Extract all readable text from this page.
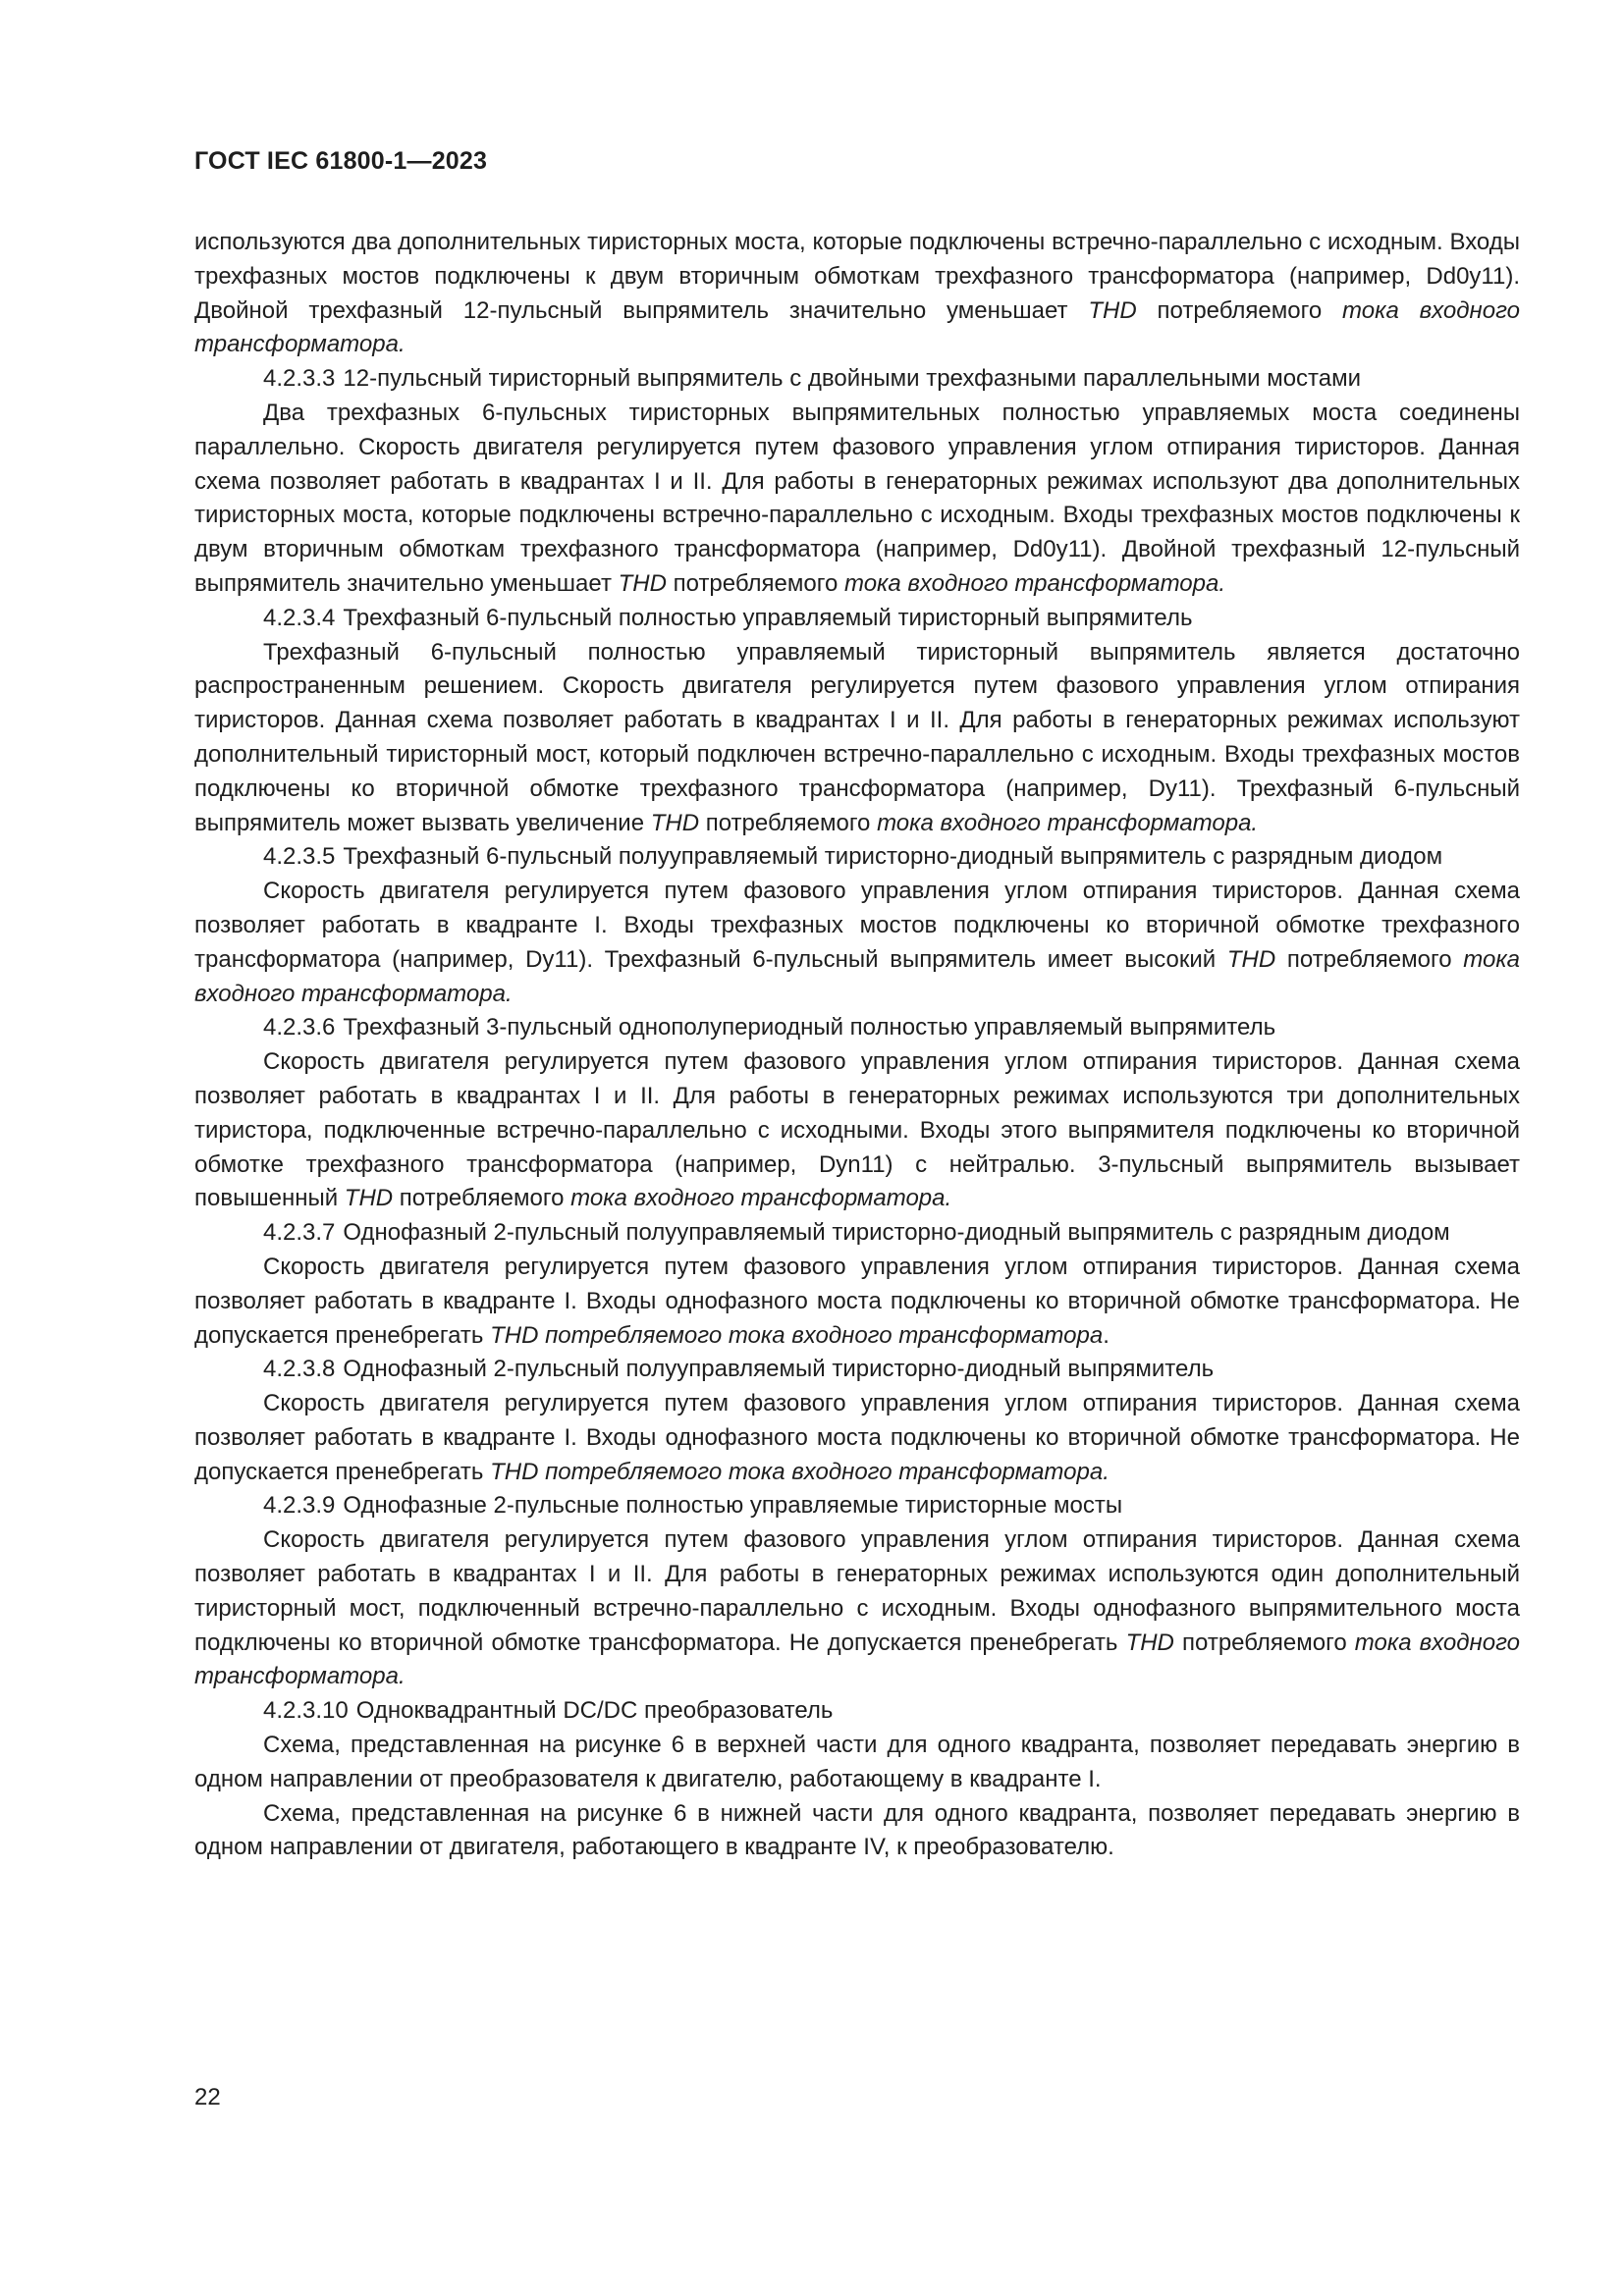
ГОСТ IEC 61800-1—2023

используются два дополнительных тиристорных моста, которые подключены встречно-параллельно с исходным. Входы трехфазных мостов подключены к двум вторичным обмоткам трехфазного трансформатора (например, Dd0y11). Двойной трехфазный 12-пульсный выпрямитель значительно уменьшает THD потребляемого тока входного трансформатора.

4.2.3.3 12-пульсный тиристорный выпрямитель с двойными трехфазными параллельными мостами

Два трехфазных 6-пульсных тиристорных выпрямительных полностью управляемых моста соединены параллельно. Скорость двигателя регулируется путем фазового управления углом отпирания тиристоров. Данная схема позволяет работать в квадрантах I и II. Для работы в генераторных режимах используют два дополнительных тиристорных моста, которые подключены встречно-параллельно с исходным. Входы трехфазных мостов подключены к двум вторичным обмоткам трехфазного трансформатора (например, Dd0y11). Двойной трехфазный 12-пульсный выпрямитель значительно уменьшает THD потребляемого тока входного трансформатора.

4.2.3.4 Трехфазный 6-пульсный полностью управляемый тиристорный выпрямитель

Трехфазный 6-пульсный полностью управляемый тиристорный выпрямитель является достаточно распространенным решением. Скорость двигателя регулируется путем фазового управления углом отпирания тиристоров. Данная схема позволяет работать в квадрантах I и II. Для работы в генераторных режимах используют дополнительный тиристорный мост, который подключен встречно-параллельно с исходным. Входы трехфазных мостов подключены ко вторичной обмотке трехфазного трансформатора (например, Dy11). Трехфазный 6-пульсный выпрямитель может вызвать увеличение THD потребляемого тока входного трансформатора.

4.2.3.5 Трехфазный 6-пульсный полууправляемый тиристорно-диодный выпрямитель с разрядным диодом

Скорость двигателя регулируется путем фазового управления углом отпирания тиристоров. Данная схема позволяет работать в квадранте I. Входы трехфазных мостов подключены ко вторичной обмотке трехфазного трансформатора (например, Dy11). Трехфазный 6-пульсный выпрямитель имеет высокий THD потребляемого тока входного трансформатора.

4.2.3.6 Трехфазный 3-пульсный однополупериодный полностью управляемый выпрямитель

Скорость двигателя регулируется путем фазового управления углом отпирания тиристоров. Данная схема позволяет работать в квадрантах I и II. Для работы в генераторных режимах используются три дополнительных тиристора, подключенные встречно-параллельно с исходными. Входы этого выпрямителя подключены ко вторичной обмотке трехфазного трансформатора (например, Dyn11) с нейтралью. 3-пульсный выпрямитель вызывает повышенный THD потребляемого тока входного трансформатора.

4.2.3.7 Однофазный 2-пульсный полууправляемый тиристорно-диодный выпрямитель с разрядным диодом

Скорость двигателя регулируется путем фазового управления углом отпирания тиристоров. Данная схема позволяет работать в квадранте I. Входы однофазного моста подключены ко вторичной обмотке трансформатора. Не допускается пренебрегать THD потребляемого тока входного трансформатора.

4.2.3.8 Однофазный 2-пульсный полууправляемый тиристорно-диодный выпрямитель

Скорость двигателя регулируется путем фазового управления углом отпирания тиристоров. Данная схема позволяет работать в квадранте I. Входы однофазного моста подключены ко вторичной обмотке трансформатора. Не допускается пренебрегать THD потребляемого тока входного трансформатора.

4.2.3.9 Однофазные 2-пульсные полностью управляемые тиристорные мосты

Скорость двигателя регулируется путем фазового управления углом отпирания тиристоров. Данная схема позволяет работать в квадрантах I и II. Для работы в генераторных режимах используются один дополнительный тиристорный мост, подключенный встречно-параллельно с исходным. Входы однофазного выпрямительного моста подключены ко вторичной обмотке трансформатора. Не допускается пренебрегать THD потребляемого тока входного трансформатора.

4.2.3.10 Одноквадрантный DC/DC преобразователь

Схема, представленная на рисунке 6 в верхней части для одного квадранта, позволяет передавать энергию в одном направлении от преобразователя к двигателю, работающему в квадранте I.

Схема, представленная на рисунке 6 в нижней части для одного квадранта, позволяет передавать энергию в одном направлении от двигателя, работающего в квадранте IV, к преобразователю.

22
